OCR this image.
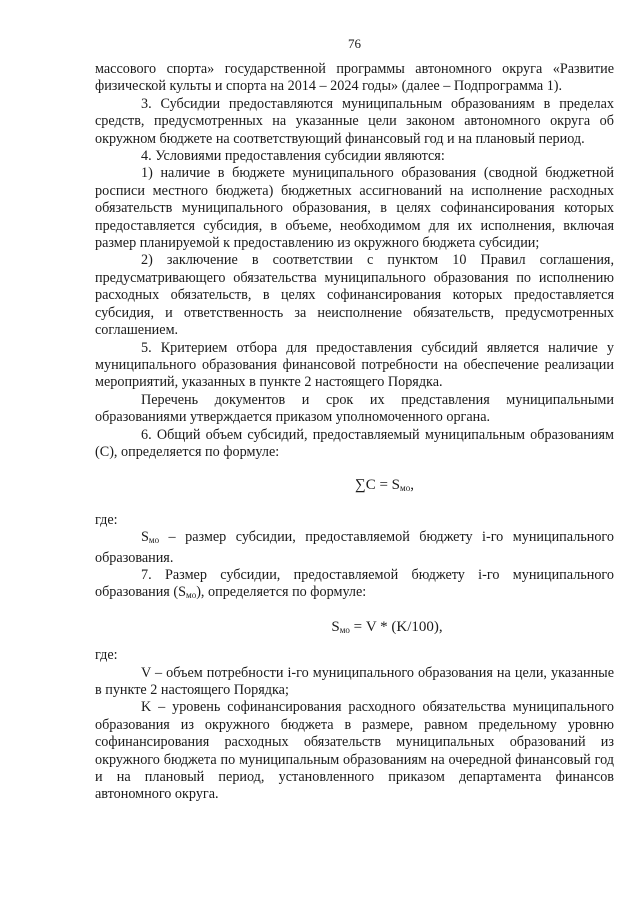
76

массового спорта» государственной программы автономного округа «Развитие физической культы и спорта на 2014 – 2024 годы» (далее – Подпрограмма 1).

3. Субсидии предоставляются муниципальным образованиям в пределах средств, предусмотренных на указанные цели законом автономного округа об окружном бюджете на соответствующий финансовый год и на плановый период.

4. Условиями предоставления субсидии являются:

1) наличие в бюджете муниципального образования (сводной бюджетной росписи местного бюджета) бюджетных ассигнований на исполнение расходных обязательств муниципального образования, в целях софинансирования которых предоставляется субсидия, в объеме, необходимом для их исполнения, включая размер планируемой к предоставлению из окружного бюджета субсидии;

2) заключение в соответствии с пунктом 10 Правил соглашения, предусматривающего обязательства муниципального образования по исполнению расходных обязательств, в целях софинансирования которых предоставляется субсидия, и ответственность за неисполнение обязательств, предусмотренных соглашением.

5. Критерием отбора для предоставления субсидий является наличие у муниципального образования финансовой потребности на обеспечение реализации мероприятий, указанных в пункте 2 настоящего Порядка.

Перечень документов и срок их представления муниципальными образованиями утверждается приказом уполномоченного органа.

6. Общий объем субсидий, предоставляемый муниципальным образованиям (С), определяется по формуле:

$\sum C = S_{мо}$,

где:

$S_{мо}$ – размер субсидии, предоставляемой бюджету i-го муниципального образования.

7. Размер субсидии, предоставляемой бюджету i-го муниципального образования $(S_{мо})$, определяется по формуле:

$S_{мо} = V * (K/100)$,

где:

V – объем потребности i-го муниципального образования на цели, указанные в пункте 2 настоящего Порядка;

K – уровень софинансирования расходного обязательства муниципального образования из окружного бюджета в размере, равном предельному уровню софинансирования расходных обязательств муниципальных образований из окружного бюджета по муниципальным образованиям на очередной финансовый год и на плановый период, установленного приказом департамента финансов автономного округа.
